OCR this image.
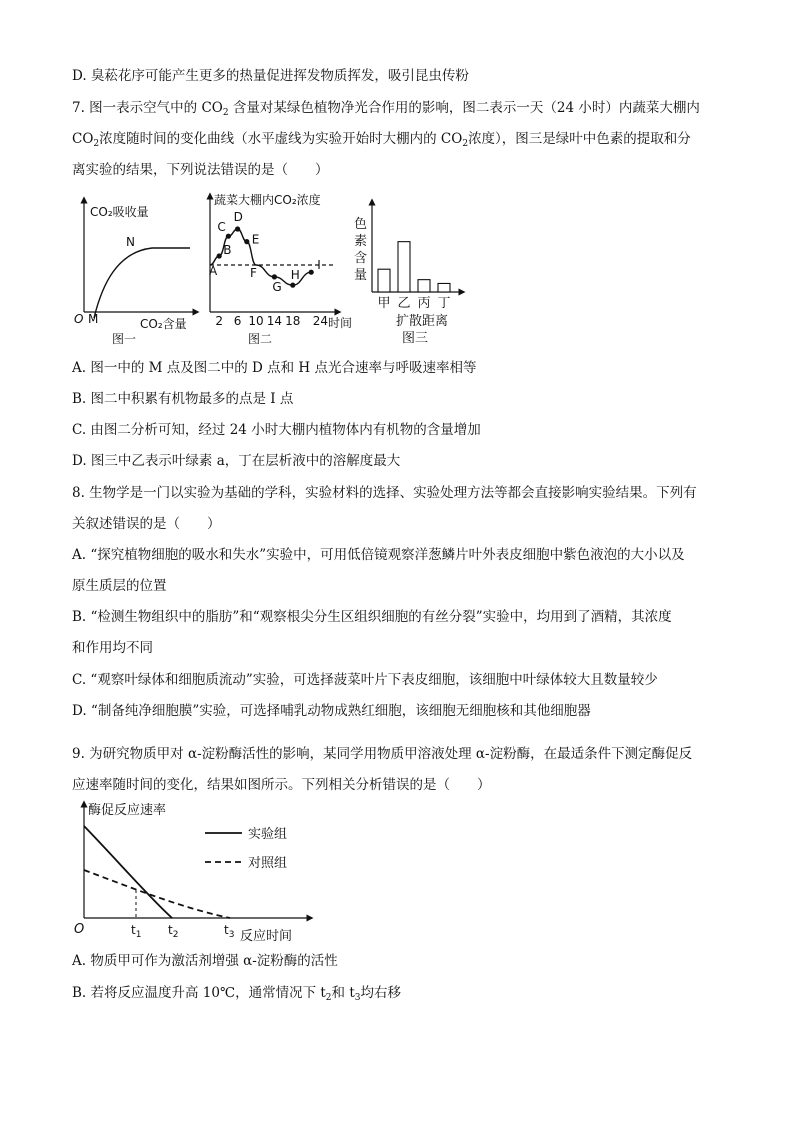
D. 臭菘花序可能产生更多的热量促进挥发物质挥发，吸引昆虫传粉
7. 图一表示空气中的 $CO_2$ 含量对某绿色植物净光合作用的影响，图二表示一天（24 小时）内蔬菜大棚内
$CO_2$浓度随时间的变化曲线（水平虚线为实验开始时大棚内的 $CO_2$浓度），图三是绿叶中色素的提取和分
离实验的结果，下列说法错误的是（　　）
CO₂吸收量
N
O M	CO₂含量
图一
A
B
C
D
E
F
G
H
I
2 6 10 14 18 24
蔬菜大棚内CO₂浓度
时间
图二
甲 乙 丙 丁
色素含量
扩散距离
图三
A. 图一中的 M 点及图二中的 D 点和 H 点光合速率与呼吸速率相等
B. 图二中积累有机物最多的点是 I 点
C. 由图二分析可知，经过 24 小时大棚内植物体内有机物的含量增加
D. 图三中乙表示叶绿素 a，丁在层析液中的溶解度最大
8. 生物学是一门以实验为基础的学科，实验材料的选择、实验处理方法等都会直接影响实验结果。下列有
关叙述错误的是（　　）
A. “探究植物细胞的吸水和失水”实验中，可用低倍镜观察洋葱鳞片叶外表皮细胞中紫色液泡的大小以及
原生质层的位置
B. “检测生物组织中的脂肪”和“观察根尖分生区组织细胞的有丝分裂”实验中，均用到了酒精，其浓度
和作用均不同
C. “观察叶绿体和细胞质流动”实验，可选择菠菜叶片下表皮细胞，该细胞中叶绿体较大且数量较少
D. “制备纯净细胞膜”实验，可选择哺乳动物成熟红细胞，该细胞无细胞核和其他细胞器
9. 为研究物质甲对 α-淀粉酶活性的影响，某同学用物质甲溶液处理 α-淀粉酶，在最适条件下测定酶促反
应速率随时间的变化，结果如图所示。下列相关分析错误的是（　　）
酶促反应速率
实验组
对照组
O	$t_1$ $t_2$	$t_3$ 反应时间
A. 物质甲可作为激活剂增强 α-淀粉酶的活性
B. 若将反应温度升高 10℃，通常情况下 $t_2$和 $t_3$均右移
